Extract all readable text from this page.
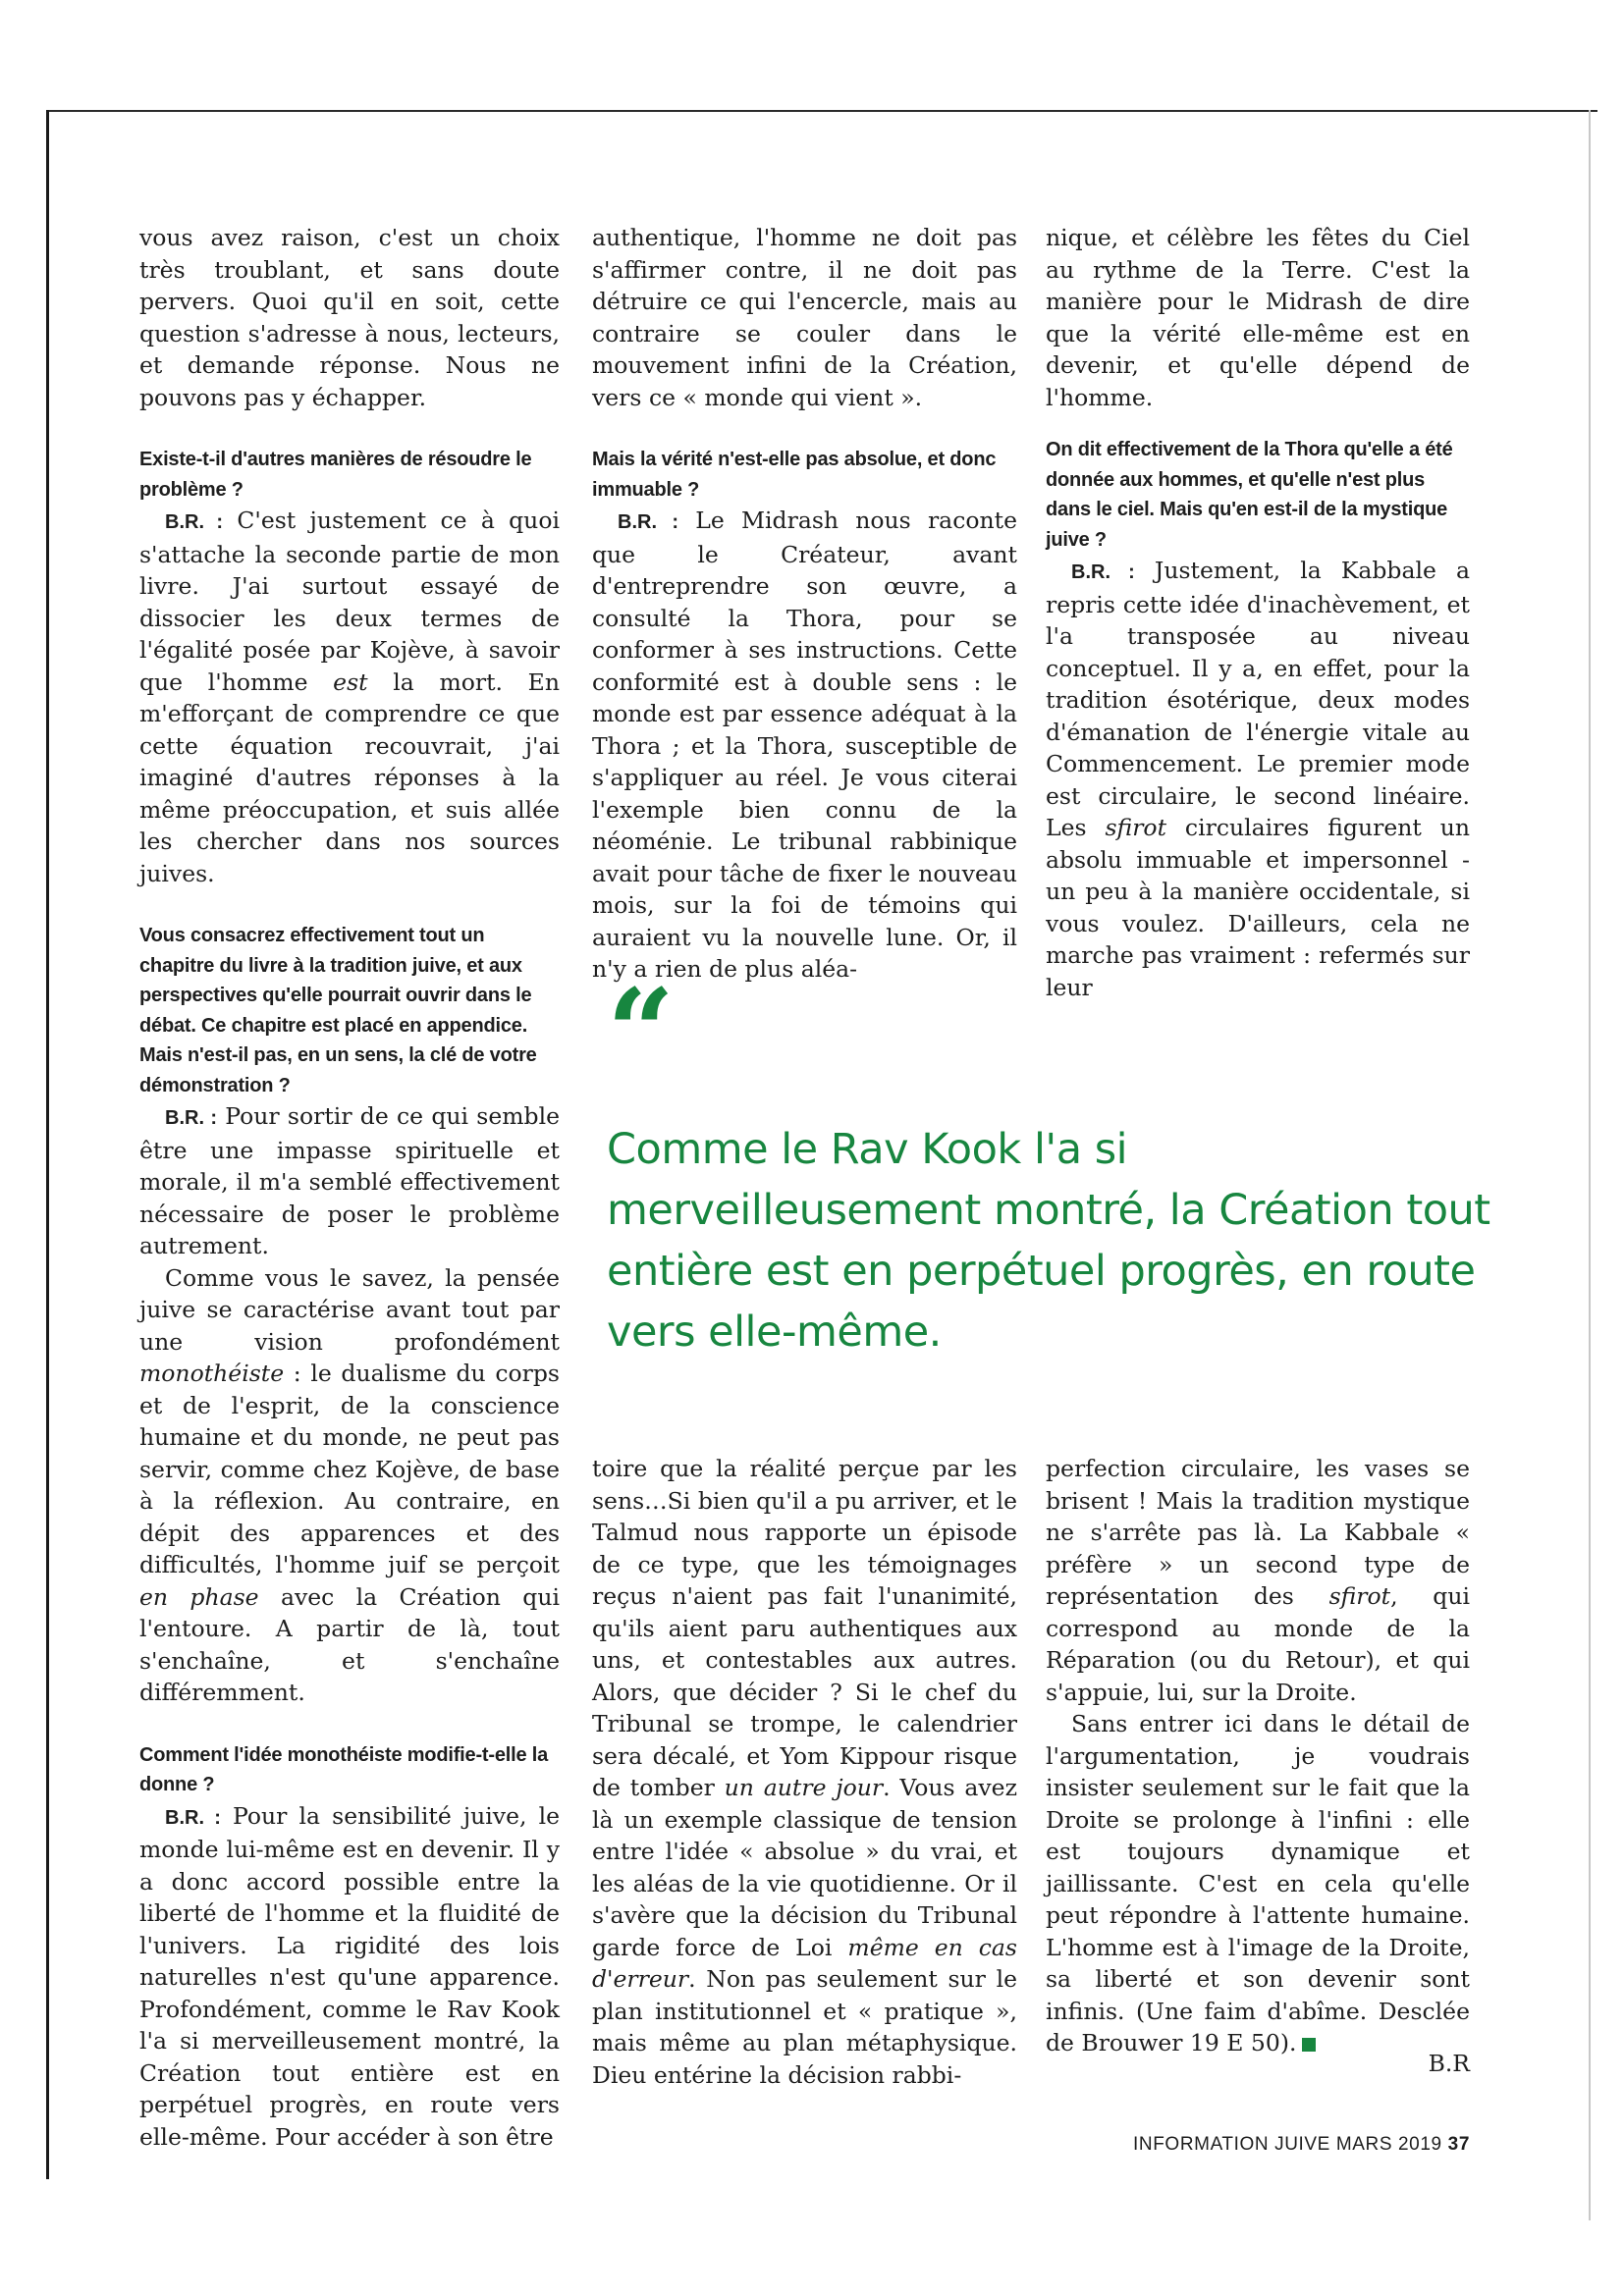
vous avez raison, c'est un choix très troublant, et sans doute pervers. Quoi qu'il en soit, cette question s'adresse à nous, lecteurs, et demande réponse. Nous ne pouvons pas y échapper.

Existe-t-il d'autres manières de résoudre le problème ?

B.R. : C'est justement ce à quoi s'attache la seconde partie de mon livre. J'ai surtout essayé de dissocier les deux termes de l'égalité posée par Kojève, à savoir que l'homme est la mort. En m'efforçant de comprendre ce que cette équation recouvrait, j'ai imaginé d'autres réponses à la même préoccupation, et suis allée les chercher dans nos sources juives.

Vous consacrez effectivement tout un chapitre du livre à la tradition juive, et aux perspectives qu'elle pourrait ouvrir dans le débat. Ce chapitre est placé en appendice. Mais n'est-il pas, en un sens, la clé de votre démonstration ?

B.R. : Pour sortir de ce qui semble être une impasse spirituelle et morale, il m'a semblé effectivement nécessaire de poser le problème autrement.

Comme vous le savez, la pensée juive se caractérise avant tout par une vision profondément monothéiste : le dualisme du corps et de l'esprit, de la conscience humaine et du monde, ne peut pas servir, comme chez Kojève, de base à la réflexion. Au contraire, en dépit des apparences et des difficultés, l'homme juif se perçoit en phase avec la Création qui l'entoure. A partir de là, tout s'enchaîne, et s'enchaîne différemment.

Comment l'idée monothéiste modifie-t-elle la donne ?

B.R. : Pour la sensibilité juive, le monde lui-même est en devenir. Il y a donc accord possible entre la liberté de l'homme et la fluidité de l'univers. La rigidité des lois naturelles n'est qu'une apparence. Profondément, comme le Rav Kook l'a si merveilleusement montré, la Création tout entière est en perpétuel progrès, en route vers elle-même. Pour accéder à son être

authentique, l'homme ne doit pas s'affirmer contre, il ne doit pas détruire ce qui l'encercle, mais au contraire se couler dans le mouvement infini de la Création, vers ce « monde qui vient ».

Mais la vérité n'est-elle pas absolue, et donc immuable ?

B.R. : Le Midrash nous raconte que le Créateur, avant d'entreprendre son œuvre, a consulté la Thora, pour se conformer à ses instructions. Cette conformité est à double sens : le monde est par essence adéquat à la Thora ; et la Thora, susceptible de s'appliquer au réel. Je vous citerai l'exemple bien connu de la néoménie. Le tribunal rabbinique avait pour tâche de fixer le nouveau mois, sur la foi de témoins qui auraient vu la nouvelle lune. Or, il n'y a rien de plus aléa-

nique, et célèbre les fêtes du Ciel au rythme de la Terre. C'est la manière pour le Midrash de dire que la vérité elle-même est en devenir, et qu'elle dépend de l'homme.

On dit effectivement de la Thora qu'elle a été donnée aux hommes, et qu'elle n'est plus dans le ciel. Mais qu'en est-il de la mystique juive ?

B.R. : Justement, la Kabbale a repris cette idée d'inachèvement, et l'a transposée au niveau conceptuel. Il y a, en effet, pour la tradition ésotérique, deux modes d'émanation de l'énergie vitale au Commencement. Le premier mode est circulaire, le second linéaire. Les sfirot circulaires figurent un absolu immuable et impersonnel - un peu à la manière occidentale, si vous voulez. D'ailleurs, cela ne marche pas vraiment : refermés sur leur

“

Comme le Rav Kook l'a si merveilleusement montré, la Création tout entière est en perpétuel progrès, en route vers elle-même.

toire que la réalité perçue par les sens…Si bien qu'il a pu arriver, et le Talmud nous rapporte un épisode de ce type, que les témoignages reçus n'aient pas fait l'unanimité, qu'ils aient paru authentiques aux uns, et contestables aux autres. Alors, que décider ? Si le chef du Tribunal se trompe, le calendrier sera décalé, et Yom Kippour risque de tomber un autre jour. Vous avez là un exemple classique de tension entre l'idée « absolue » du vrai, et les aléas de la vie quotidienne. Or il s'avère que la décision du Tribunal garde force de Loi même en cas d'erreur. Non pas seulement sur le plan institutionnel et « pratique », mais même au plan métaphysique. Dieu entérine la décision rabbi-

perfection circulaire, les vases se brisent ! Mais la tradition mystique ne s'arrête pas là. La Kabbale « préfère » un second type de représentation des sfirot, qui correspond au monde de la Réparation (ou du Retour), et qui s'appuie, lui, sur la Droite.

Sans entrer ici dans le détail de l'argumentation, je voudrais insister seulement sur le fait que la Droite se prolonge à l'infini : elle est toujours dynamique et jaillissante. C'est en cela qu'elle peut répondre à l'attente humaine. L'homme est à l'image de la Droite, sa liberté et son devenir sont infinis. (Une faim d'abîme. Desclée de Brouwer 19 E 50).

B.R
INFORMATION JUIVE MARS 2019 37
